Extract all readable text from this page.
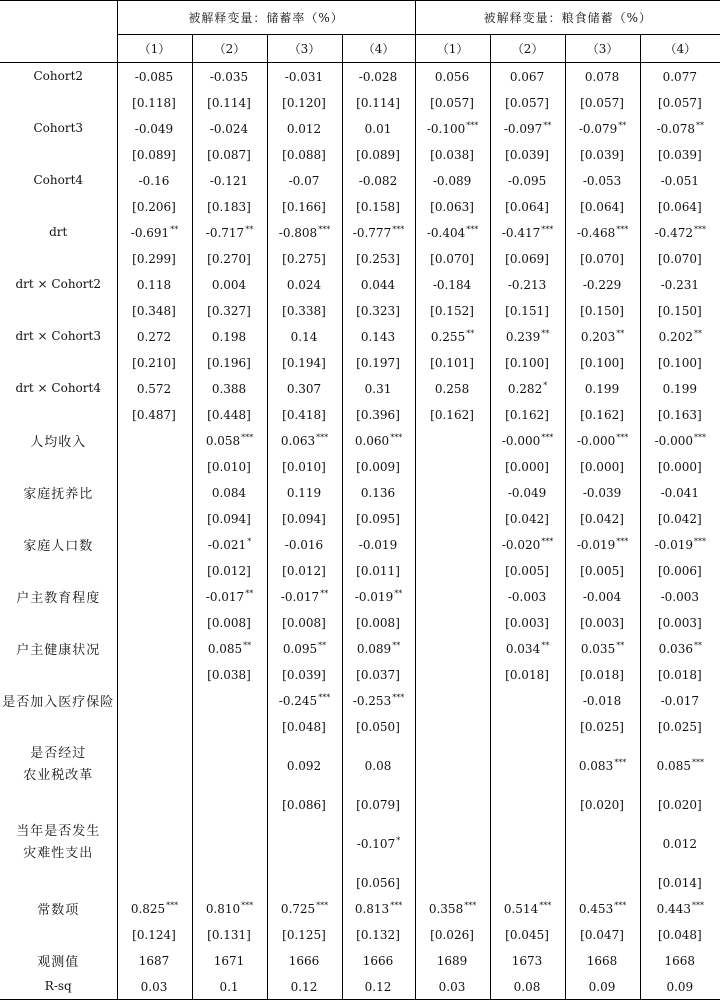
	被解释变量：储蓄率（%）				被解释变量：粮食储蓄（%）			
	（1）	（2）	（3）	（4）	（1）	（2）	（3）	（4）

Cohort2	-0.085	-0.035	-0.031	-0.028	0.056	0.067	0.078	0.077

	[0.118]	[0.114]	[0.120]	[0.114]	[0.057]	[0.057]	[0.057]	[0.057]

Cohort3	-0.049	-0.024	0.012	0.01	-0.100***	-0.097**	-0.079**	-0.078**

	[0.089]	[0.087]	[0.088]	[0.089]	[0.038]	[0.039]	[0.039]	[0.039]

Cohort4	-0.16	-0.121	-0.07	-0.082	-0.089	-0.095	-0.053	-0.051

	[0.206]	[0.183]	[0.166]	[0.158]	[0.063]	[0.064]	[0.064]	[0.064]

drt	-0.691**	-0.717**	-0.808***	-0.777***	-0.404***	-0.417***	-0.468***	-0.472***

	[0.299]	[0.270]	[0.275]	[0.253]	[0.070]	[0.069]	[0.070]	[0.070]

drt × Cohort2	0.118	0.004	0.024	0.044	-0.184	-0.213	-0.229	-0.231

	[0.348]	[0.327]	[0.338]	[0.323]	[0.152]	[0.151]	[0.150]	[0.150]

drt × Cohort3	0.272	0.198	0.14	0.143	0.255**	0.239**	0.203**	0.202**

	[0.210]	[0.196]	[0.194]	[0.197]	[0.101]	[0.100]	[0.100]	[0.100]

drt × Cohort4	0.572	0.388	0.307	0.31	0.258	0.282*	0.199	0.199

	[0.487]	[0.448]	[0.418]	[0.396]	[0.162]	[0.162]	[0.162]	[0.163]

人均收入		0.058***	0.063***	0.060***		-0.000***	-0.000***	-0.000***

		[0.010]	[0.010]	[0.009]		[0.000]	[0.000]	[0.000]

家庭抚养比		0.084	0.119	0.136		-0.049	-0.039	-0.041

		[0.094]	[0.094]	[0.095]		[0.042]	[0.042]	[0.042]

家庭人口数		-0.021*	-0.016	-0.019		-0.020***	-0.019***	-0.019***

		[0.012]	[0.012]	[0.011]		[0.005]	[0.005]	[0.006]

户主教育程度		-0.017**	-0.017**	-0.019**		-0.003	-0.004	-0.003

		[0.008]	[0.008]	[0.008]		[0.003]	[0.003]	[0.003]

户主健康状况		0.085**	0.095**	0.089**		0.034**	0.035**	0.036**

		[0.038]	[0.039]	[0.037]		[0.018]	[0.018]	[0.018]

是否加入医疗保险			-0.245***	-0.253***			-0.018	-0.017

			[0.048]	[0.050]			[0.025]	[0.025]

是否经过
农业税改革			0.092	0.08			0.083***	0.085***

			[0.086]	[0.079]			[0.020]	[0.020]

当年是否发生
灾难性支出				-0.107*				0.012

				[0.056]				[0.014]

常数项	0.825***	0.810***	0.725***	0.813***	0.358***	0.514***	0.453***	0.443***

	[0.124]	[0.131]	[0.125]	[0.132]	[0.026]	[0.045]	[0.047]	[0.048]

观测值	1687	1671	1666	1666	1689	1673	1668	1668

R-sq	0.03	0.1	0.12	0.12	0.03	0.08	0.09	0.09
